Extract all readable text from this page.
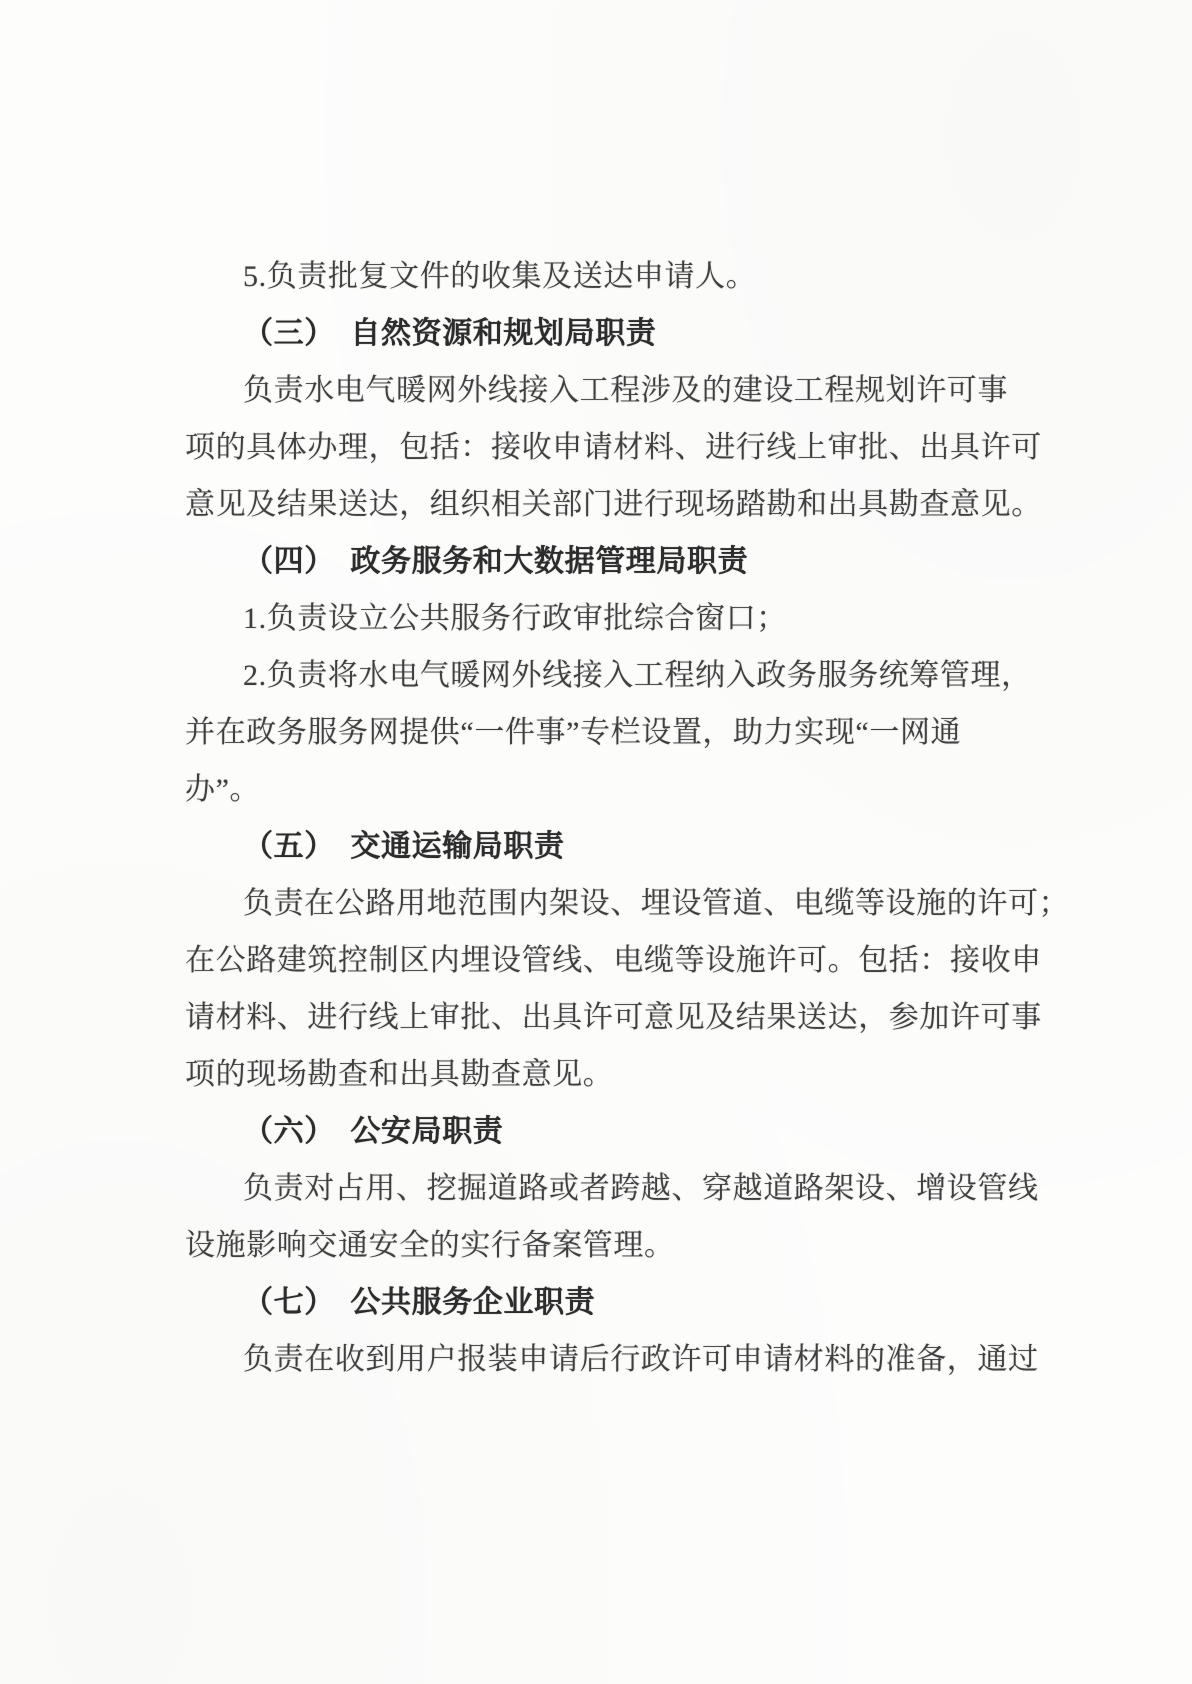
5.负责批复文件的收集及送达申请人。
（三）　自然资源和规划局职责
负责水电气暖网外线接入工程涉及的建设工程规划许可事
项的具体办理，包括：接收申请材料、进行线上审批、出具许可
意见及结果送达，组织相关部门进行现场踏勘和出具勘查意见。
（四）　政务服务和大数据管理局职责
1.负责设立公共服务行政审批综合窗口；
2.负责将水电气暖网外线接入工程纳入政务服务统筹管理，
并在政务服务网提供“一件事”专栏设置，助力实现“一网通
办”。
（五）　交通运输局职责
负责在公路用地范围内架设、埋设管道、电缆等设施的许可；
在公路建筑控制区内埋设管线、电缆等设施许可。包括：接收申
请材料、进行线上审批、出具许可意见及结果送达，参加许可事
项的现场勘查和出具勘查意见。
（六）　公安局职责
负责对占用、挖掘道路或者跨越、穿越道路架设、增设管线
设施影响交通安全的实行备案管理。
（七）　公共服务企业职责
负责在收到用户报装申请后行政许可申请材料的准备，通过
